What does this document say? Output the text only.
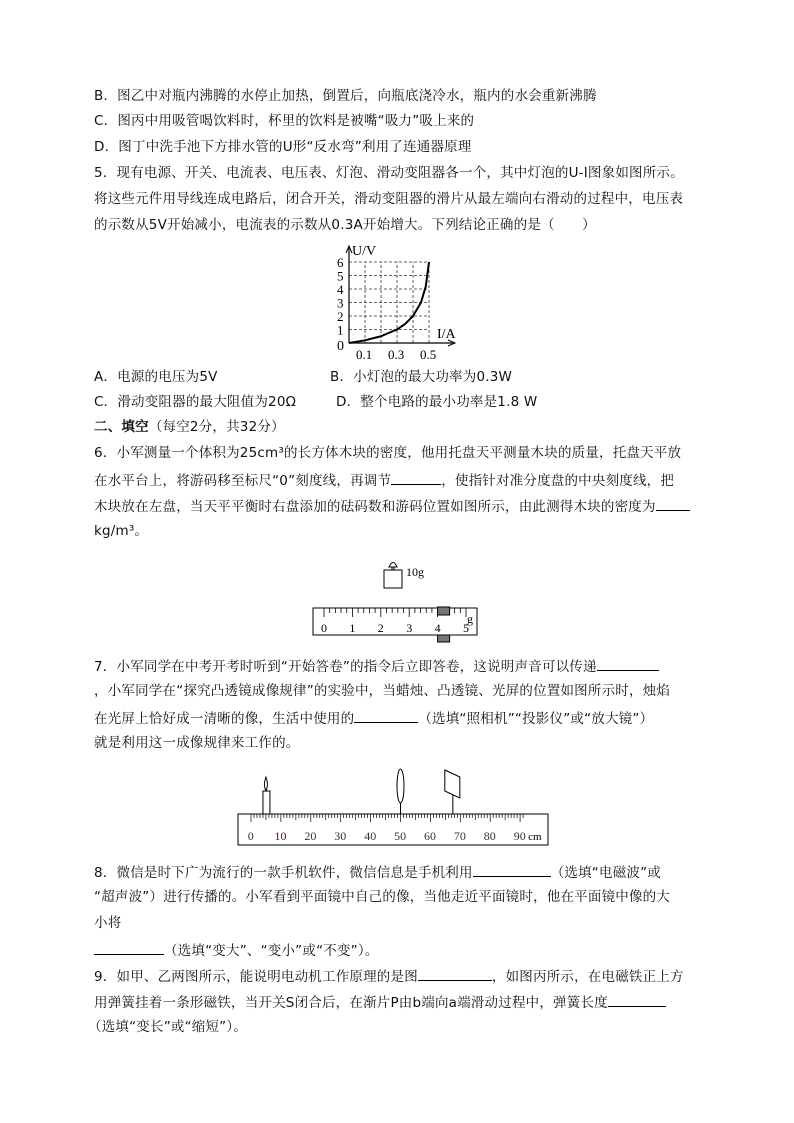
B．图乙中对瓶内沸腾的水停止加热，倒置后，向瓶底浇冷水，瓶内的水会重新沸腾
C．图丙中用吸管喝饮料时，杯里的饮料是被嘴“吸力”吸上来的
D．图丁中洗手池下方排水管的U形“反水弯”利用了连通器原理
5．现有电源、开关、电流表、电压表、灯泡、滑动变阻器各一个，其中灯泡的U-I图象如图所示。
将这些元件用导线连成电路后，闭合开关，滑动变阻器的滑片从最左端向右滑动的过程中，电压表
的示数从5V开始减小，电流表的示数从0.3A开始增大。下列结论正确的是（　　）
U/V
I/A
0
1
2
3
4
5
6
0.1 0.3 0.5
A．电源的电压为5V	B．小灯泡的最大功率为0.3W
C．滑动变阻器的最大阻值为20Ω	D．整个电路的最小功率是1.8 W
二、填空（每空2分，共32分）
6．小军测量一个体积为25cm³的长方体木块的密度，他用托盘天平测量木块的质量，托盘天平放
在水平台上，将游码移至标尺“0”刻度线，再调节	，使指针对准分度盘的中央刻度线，把
木块放在左盘，当天平平衡时右盘添加的砝码数和游码位置如图所示，由此测得木块的密度为
kg/m³。
10g
0 1 2 3 4 5
g
7．小军同学在中考开考时听到“开始答卷”的指令后立即答卷，这说明声音可以传递
，小军同学在“探究凸透镜成像规律”的实验中，当蜡烛、凸透镜、光屏的位置如图所示时，烛焰
在光屏上恰好成一清晰的像，生活中使用的	（选填“照相机”“投影仪”或“放大镜”）
就是利用这一成像规律来工作的。
0 10 20 30 40 50 60 70 80 90 cm
8．微信是时下广为流行的一款手机软件，微信信息是手机利用	（选填“电磁波”或
“超声波”）进行传播的。小军看到平面镜中自己的像，当他走近平面镜时，他在平面镜中像的大
小将
（选填“变大”、“变小”或“不变”）。
9．如甲、乙两图所示，能说明电动机工作原理的是图	，如图丙所示，在电磁铁正上方
用弹簧挂着一条形磁铁，当开关S闭合后，在渐片P由b端向a端滑动过程中，弹簧长度
（选填“变长”或“缩短”）。
